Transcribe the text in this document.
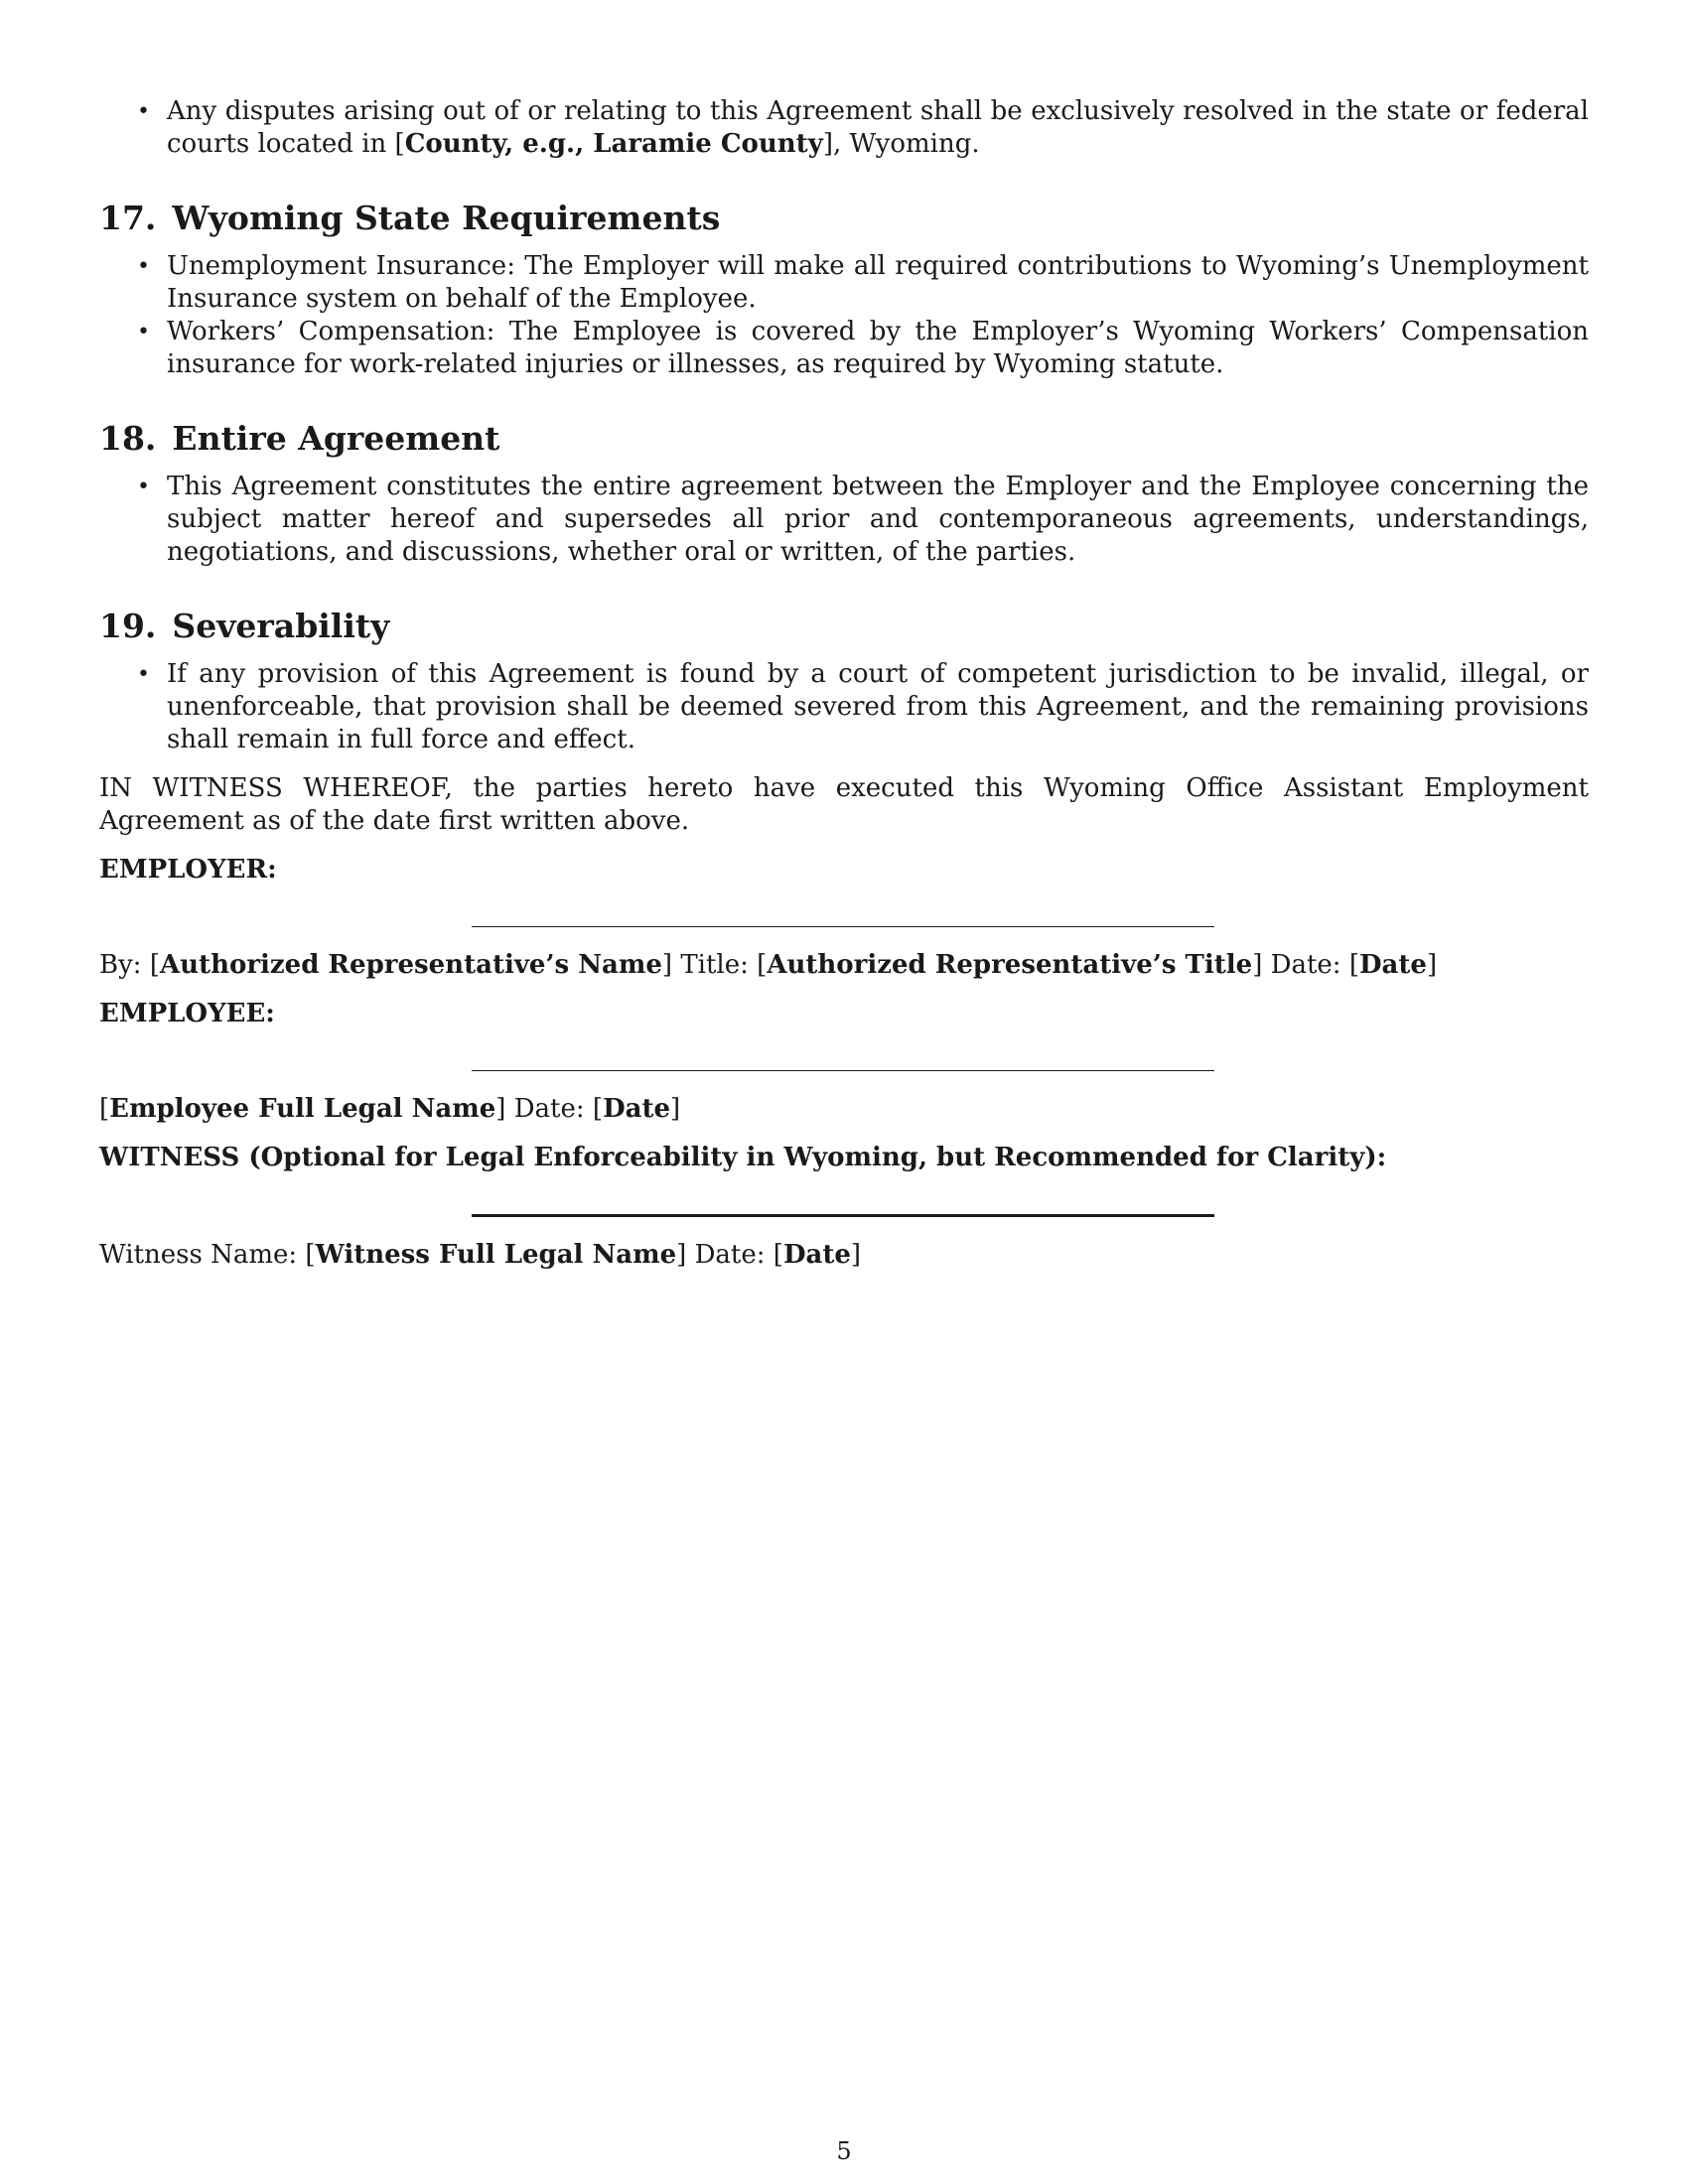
• Any disputes arising out of or relating to this Agreement shall be exclusively resolved in the state or federal courts located in [County, e.g., Laramie County], Wyoming.
17. Wyoming State Requirements
• Unemployment Insurance: The Employer will make all required contributions to Wyoming’s Unemployment Insurance system on behalf of the Employee.
• Workers’ Compensation: The Employee is covered by the Employer’s Wyoming Workers’ Compensation insurance for work-related injuries or illnesses, as required by Wyoming statute.
18. Entire Agreement
• This Agreement constitutes the entire agreement between the Employer and the Employee concerning the subject matter hereof and supersedes all prior and contemporaneous agreements, understandings, negotiations, and discussions, whether oral or written, of the parties.
19. Severability
• If any provision of this Agreement is found by a court of competent jurisdiction to be invalid, illegal, or unenforceable, that provision shall be deemed severed from this Agreement, and the remaining provisions shall remain in full force and effect.

IN WITNESS WHEREOF, the parties hereto have executed this Wyoming Office Assistant Employment Agreement as of the date first written above.

EMPLOYER:

By: [Authorized Representative’s Name] Title: [Authorized Representative’s Title] Date: [Date]

EMPLOYEE:

[Employee Full Legal Name] Date: [Date]

WITNESS (Optional for Legal Enforceability in Wyoming, but Recommended for Clarity):

Witness Name: [Witness Full Legal Name] Date: [Date]

5
